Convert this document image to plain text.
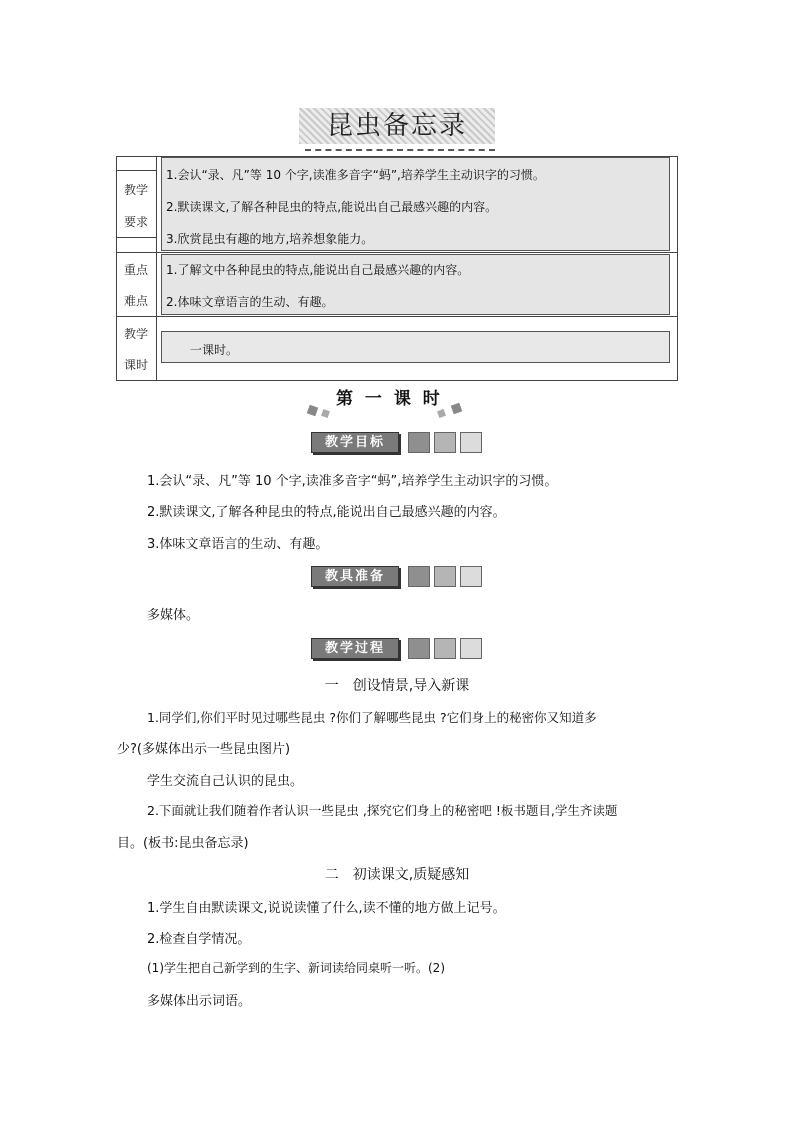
昆虫备忘录
教学
要求
1.会认“录、凡”等 10 个字,读准多音字“蚂”,培养学生主动识字的习惯。
2.默读课文,了解各种昆虫的特点,能说出自己最感兴趣的内容。
3.欣赏昆虫有趣的地方,培养想象能力。
重点
难点
1.了解文中各种昆虫的特点,能说出自己最感兴趣的内容。
2.体味文章语言的生动、有趣。
教学
课时
一课时。
第 一 课 时
教学目标
1.会认“录、凡”等 10 个字,读准多音字“蚂”,培养学生主动识字的习惯。
2.默读课文,了解各种昆虫的特点,能说出自己最感兴趣的内容。
3.体味文章语言的生动、有趣。
教具准备
多媒体。
教学过程
一　创设情景,导入新课
1.同学们,你们平时见过哪些昆虫 ?你们了解哪些昆虫 ?它们身上的秘密你又知道多
少?(多媒体出示一些昆虫图片)
学生交流自己认识的昆虫。
2.下面就让我们随着作者认识一些昆虫 ,探究它们身上的秘密吧 !板书题目,学生齐读题
目。(板书:昆虫备忘录)
二　初读课文,质疑感知
1.学生自由默读课文,说说读懂了什么,读不懂的地方做上记号。
2.检查自学情况。
(1)学生把自己新学到的生字、新词读给同桌听一听。(2)
多媒体出示词语。
